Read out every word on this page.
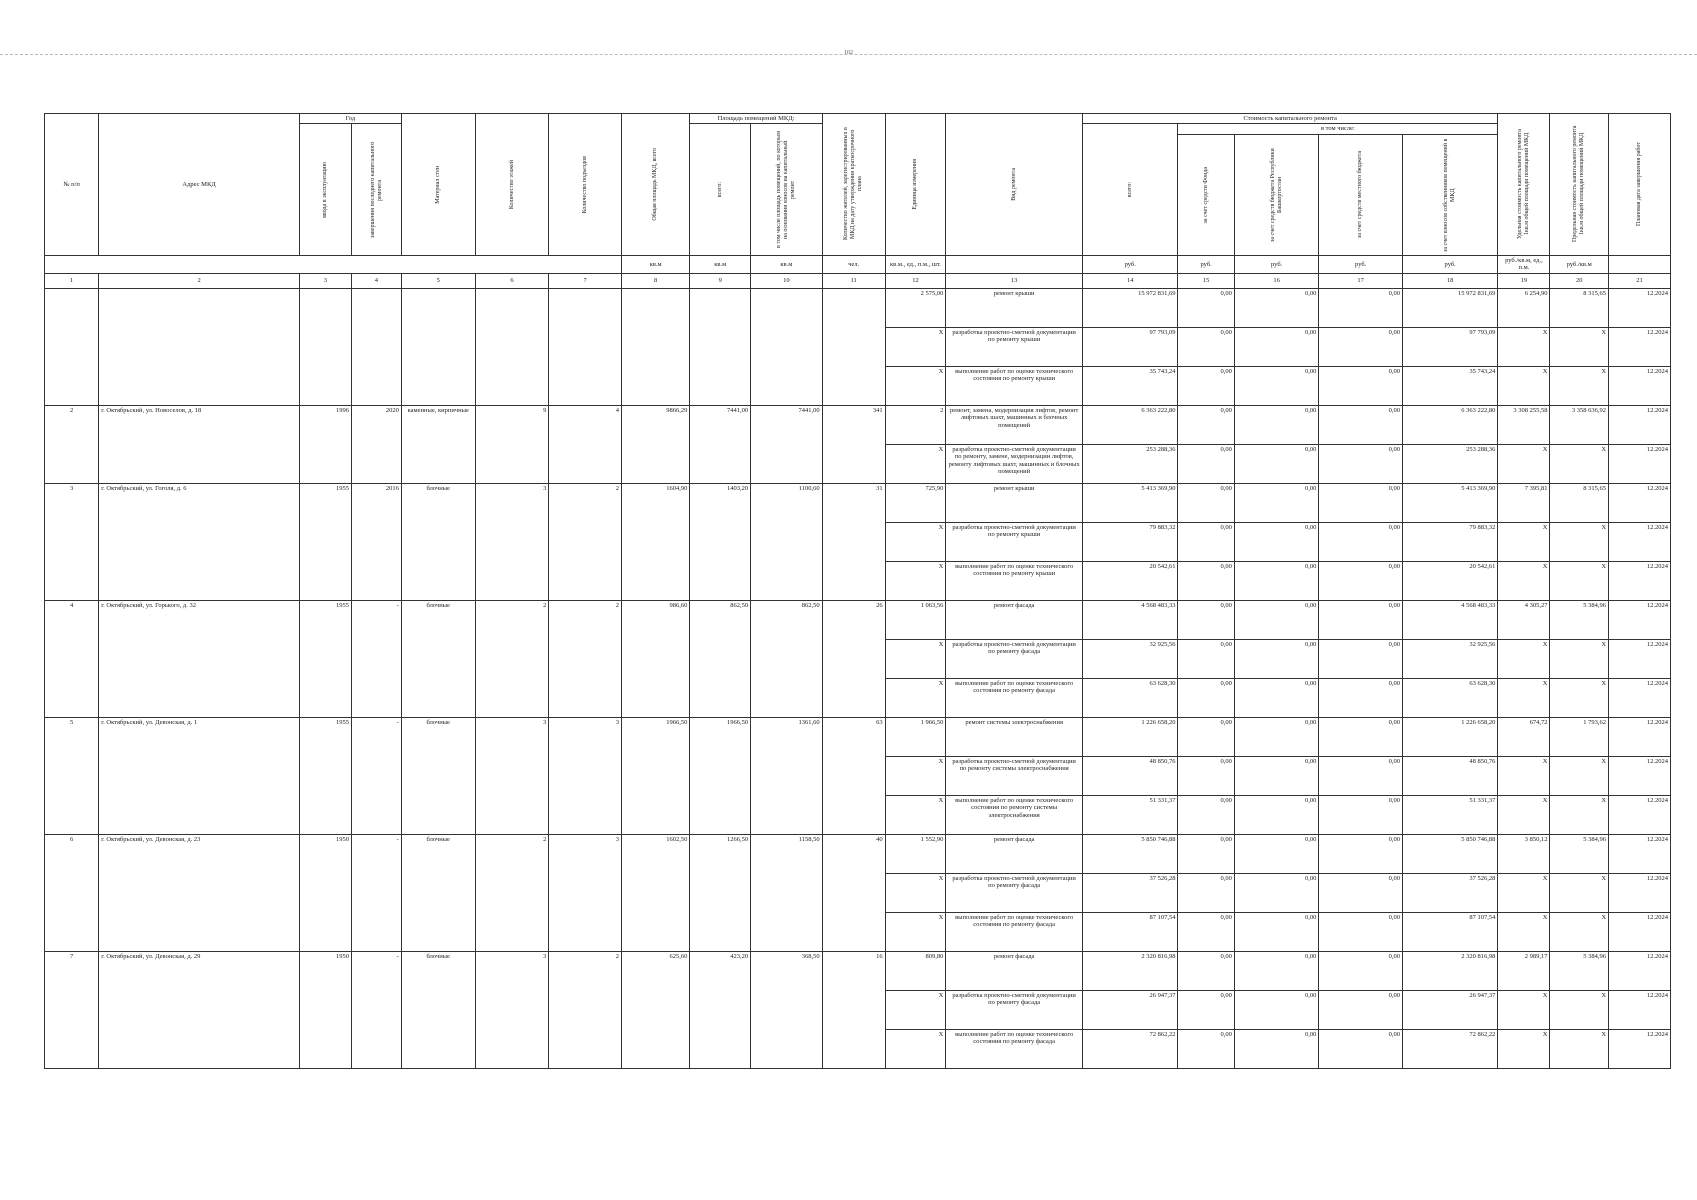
102
№ п/п	Адрес МКД	Год		Материал стен	Количество этажей	Количество подъездов	Общая площадь МКД, всего	Площадь помещений МКД:		Количество жителей, зарегистрированных в МКД на дату утверждения краткосрочного плана	Единица измерения	Вид ремонта	Стоимость капитального ремонта					Удельная стоимость капитального ремонта 1кв.м общей площади помещений МКД	Предельная стоимость капитального ремонта 1кв.м общей площади помещений МКД	Плановая дата завершения работ

		ввода в эксплуатацию	завершения последнего капитального ремонта					всего:	в том числе площадь помещений, по которым на основании взносов на капитальный ремонт				всего:	в том числе:						

														за счет средств Фонда	за счет средств бюджета Республики Башкортостан	за счет средств местного бюджета	за счет взносов собственников помещений в МКД			

							кв.м	кв.м	кв.м	чел.	кв.м., ед., п.м., шт.		руб.	руб.	руб.	руб.	руб.	руб./кв.м, ед., п.м.	руб./кв.м	
1	2	3	4	5	6	7	8	9	10	11	12	13	14	15	16	17	18	19	20	21
											2 575,00	ремонт крыши	15 972 831,69	0,00	0,00	0,00	15 972 831,69	6 254,90	8 315,65	12.2024
											X	разработка проектно-сметной документации по ремонту крыши	97 793,09	0,00	0,00	0,00	97 793,09	X	X	12.2024
											X	выполнение работ по оценке технического состояния по ремонту крыши	35 743,24	0,00	0,00	0,00	35 743,24	X	X	12.2024
2	г. Октябрьский, ул. Новоселов, д. 18	1996	2020	каменные, кирпичные	9	4	9866,29	7441,00	7441,00	341	2	ремонт, замена, модернизация лифтов, ремонт лифтовых шахт, машинных и блочных помещений	6 363 222,80	0,00	0,00	0,00	6 363 222,80	3 308 255,58	3 358 636,92	12.2024
											X	разработка проектно-сметной документации по ремонту, замене, модернизации лифтов, ремонту лифтовых шахт, машинных и блочных помещений	253 288,36	0,00	0,00	0,00	253 288,36	X	X	12.2024
3	г. Октябрьский, ул. Гоголя, д. 6	1955	2016	блочные	3	2	1604,90	1403,20	1100,60	31	725,90	ремонт крыши	5 413 369,90	0,00	0,00	0,00	5 413 369,90	7 395,81	8 315,65	12.2024
											X	разработка проектно-сметной документации по ремонту крыши	79 883,32	0,00	0,00	0,00	79 883,32	X	X	12.2024
											X	выполнение работ по оценке технического состояния по ремонту крыши	20 542,61	0,00	0,00	0,00	20 542,61	X	X	12.2024
4	г. Октябрьский, ул. Горького, д. 32	1955	-	блочные	2	2	986,60	862,50	862,50	26	1 063,56	ремонт фасада	4 568 483,33	0,00	0,00	0,00	4 568 483,33	4 305,27	5 384,96	12.2024
											X	разработка проектно-сметной документации по ремонту фасада	32 925,56	0,00	0,00	0,00	32 925,56	X	X	12.2024
											X	выполнение работ по оценке технического состояния по ремонту фасада	63 628,30	0,00	0,00	0,00	63 628,30	X	X	12.2024
5	г. Октябрьский, ул. Девонская, д. 1	1955	-	блочные	3	3	1966,50	1966,50	1361,60	63	1 966,50	ремонт системы электроснабжения	1 226 658,20	0,00	0,00	0,00	1 226 658,20	674,72	1 793,62	12.2024
											X	разработка проектно-сметной документации по ремонту системы электроснабжения	48 850,76	0,00	0,00	0,00	48 850,76	X	X	12.2024
											X	выполнение работ по оценке технического состояния по ремонту системы электроснабжения	51 331,37	0,00	0,00	0,00	51 331,37	X	X	12.2024
6	г. Октябрьский, ул. Девонская, д. 23	1950	-	блочные	2	3	1602,50	1266,50	1158,50	40	1 552,90	ремонт фасада	5 850 746,88	0,00	0,00	0,00	5 850 746,88	3 850,12	5 384,96	12.2024
											X	разработка проектно-сметной документации по ремонту фасада	37 526,28	0,00	0,00	0,00	37 526,28	X	X	12.2024
											X	выполнение работ по оценке технического состояния по ремонту фасада	87 107,54	0,00	0,00	0,00	87 107,54	X	X	12.2024
7	г. Октябрьский, ул. Девонская, д. 29	1950	-	блочные	3	2	625,60	423,20	368,50	16	809,80	ремонт фасада	2 320 816,98	0,00	0,00	0,00	2 320 816,98	2 989,17	5 384,96	12.2024
											X	разработка проектно-сметной документации по ремонту фасада	26 947,37	0,00	0,00	0,00	26 947,37	X	X	12.2024
											X	выполнение работ по оценке технического состояния по ремонту фасада	72 862,22	0,00	0,00	0,00	72 862,22	X	X	12.2024
